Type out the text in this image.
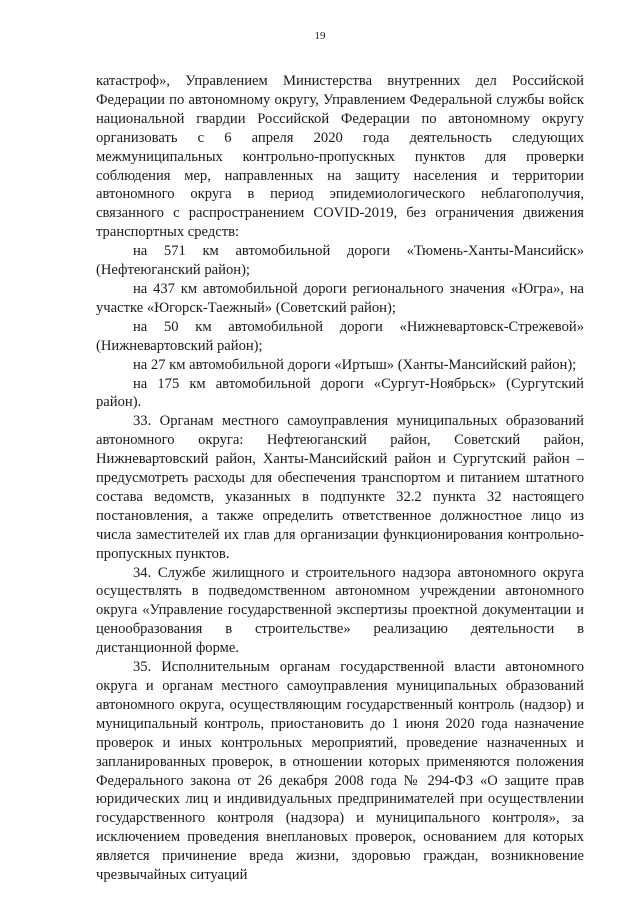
19

катастроф», Управлением Министерства внутренних дел Российской Федерации по автономному округу, Управлением Федеральной службы войск национальной гвардии Российской Федерации по автономному округу организовать с 6 апреля 2020 года деятельность следующих межмуниципальных контрольно-пропускных пунктов для проверки соблюдения мер, направленных на защиту населения и территории автономного округа в период эпидемиологического неблагополучия, связанного с распространением COVID-2019, без ограничения движения транспортных средств:

на 571 км автомобильной дороги «Тюмень-Ханты-Мансийск» (Нефтеюганский район);

на 437 км автомобильной дороги регионального значения «Югра», на участке «Югорск-Таежный» (Советский район);

на 50 км автомобильной дороги «Нижневартовск-Стрежевой» (Нижневартовский район);

на 27 км автомобильной дороги «Иртыш» (Ханты-Мансийский район);

на 175 км автомобильной дороги «Сургут-Ноябрьск» (Сургутский район).

33. Органам местного самоуправления муниципальных образований автономного округа: Нефтеюганский район, Советский район, Нижневартовский район, Ханты-Мансийский район и Сургутский район – предусмотреть расходы для обеспечения транспортом и питанием штатного состава ведомств, указанных в подпункте 32.2 пункта 32 настоящего постановления, а также определить ответственное должностное лицо из числа заместителей их глав для организации функционирования контрольно-пропускных пунктов.

34. Службе жилищного и строительного надзора автономного округа осуществлять в подведомственном автономном учреждении автономного округа «Управление государственной экспертизы проектной документации и ценообразования в строительстве» реализацию деятельности в дистанционной форме.

35. Исполнительным органам государственной власти автономного округа и органам местного самоуправления муниципальных образований автономного округа, осуществляющим государственный контроль (надзор) и муниципальный контроль, приостановить до 1 июня 2020 года назначение проверок и иных контрольных мероприятий, проведение назначенных и запланированных проверок, в отношении которых применяются положения Федерального закона от 26 декабря 2008 года № 294-ФЗ «О защите прав юридических лиц и индивидуальных предпринимателей при осуществлении государственного контроля (надзора) и муниципального контроля», за исключением проведения внеплановых проверок, основанием для которых является причинение вреда жизни, здоровью граждан, возникновение чрезвычайных ситуаций
